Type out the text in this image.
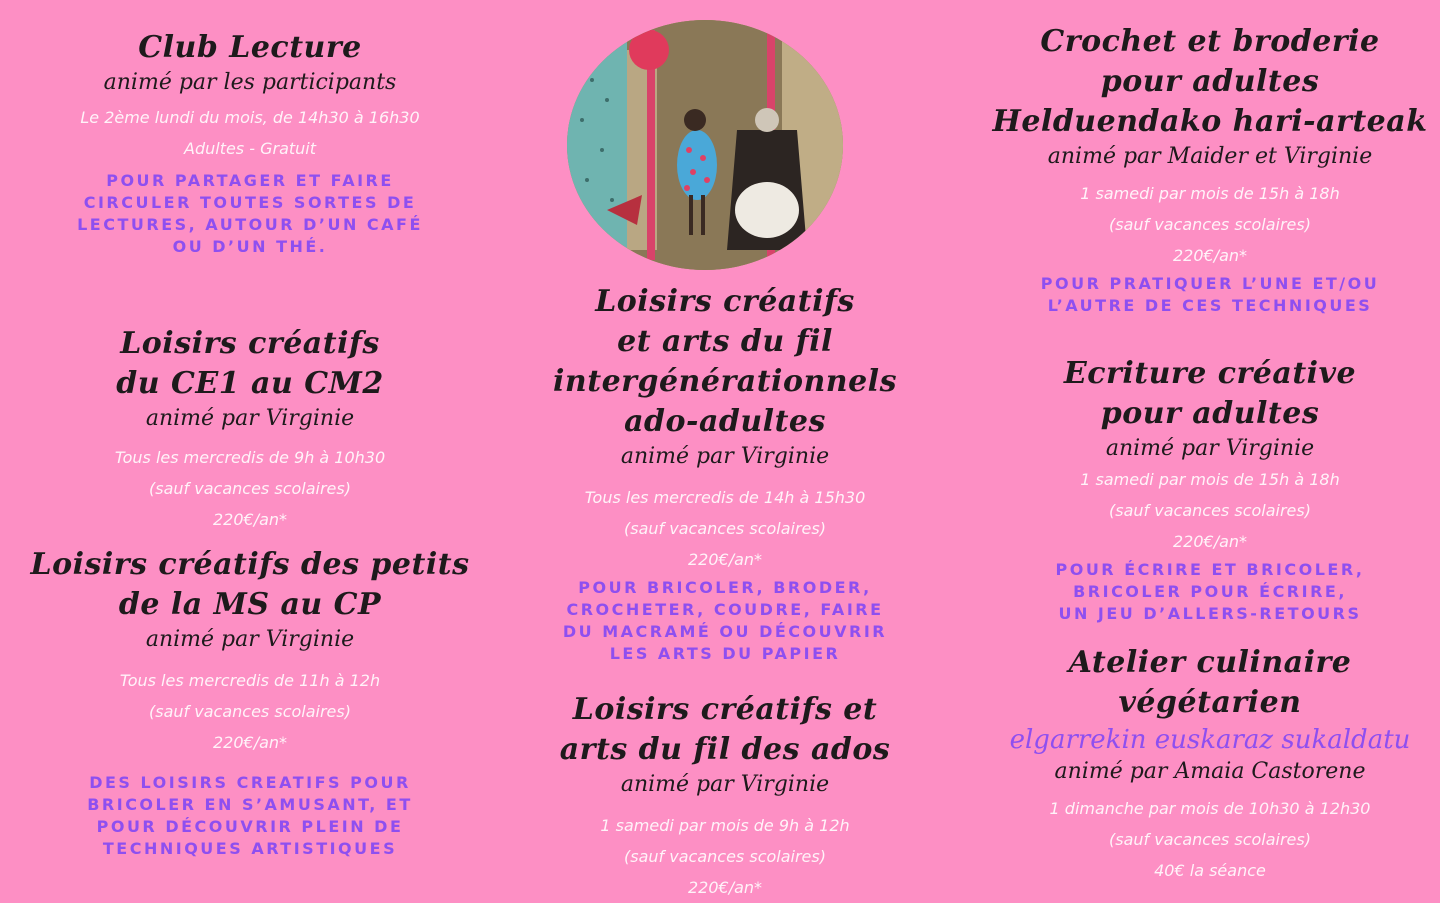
Club Lecture
animé par les participants
Le 2ème lundi du mois, de 14h30 à 16h30
Adultes - Gratuit
POUR PARTAGER ET FAIRE
CIRCULER TOUTES SORTES DE
LECTURES, AUTOUR D’UN CAFÉ
OU D’UN THÉ.
Loisirs créatifs
du CE1 au CM2
animé par Virginie
Tous les mercredis de 9h à 10h30
(sauf vacances scolaires)
220€/an*
Loisirs créatifs des petits
de la MS au CP
animé par Virginie
Tous les mercredis de 11h à 12h
(sauf vacances scolaires)
220€/an*
DES LOISIRS CREATIFS POUR
BRICOLER EN S’AMUSANT, ET
POUR DÉCOUVRIR PLEIN DE
TECHNIQUES ARTISTIQUES
Loisirs créatifs
et arts du fil
intergénérationnels
ado-adultes
animé par Virginie
Tous les mercredis de 14h à 15h30
(sauf vacances scolaires)
220€/an*
POUR BRICOLER, BRODER,
CROCHETER, COUDRE, FAIRE
DU MACRAMÉ OU DÉCOUVRIR
LES ARTS DU PAPIER
Loisirs créatifs et
arts du fil des ados
animé par Virginie
1 samedi par mois de 9h à 12h
(sauf vacances scolaires)
220€/an*
Crochet et broderie
pour adultes
Helduendako hari-arteak
animé par Maider et Virginie
1 samedi par mois de 15h à 18h
(sauf vacances scolaires)
220€/an*
POUR PRATIQUER L’UNE ET/OU
L’AUTRE DE CES TECHNIQUES
Ecriture créative
pour adultes
animé par Virginie
1 samedi par mois de 15h à 18h
(sauf vacances scolaires)
220€/an*
POUR ÉCRIRE ET BRICOLER,
BRICOLER POUR ÉCRIRE,
UN JEU D’ALLERS-RETOURS
Atelier culinaire
végétarien
elgarrekin euskaraz sukaldatu
animé par Amaia Castorene
1 dimanche par mois de 10h30 à 12h30
(sauf vacances scolaires)
40€ la séance
